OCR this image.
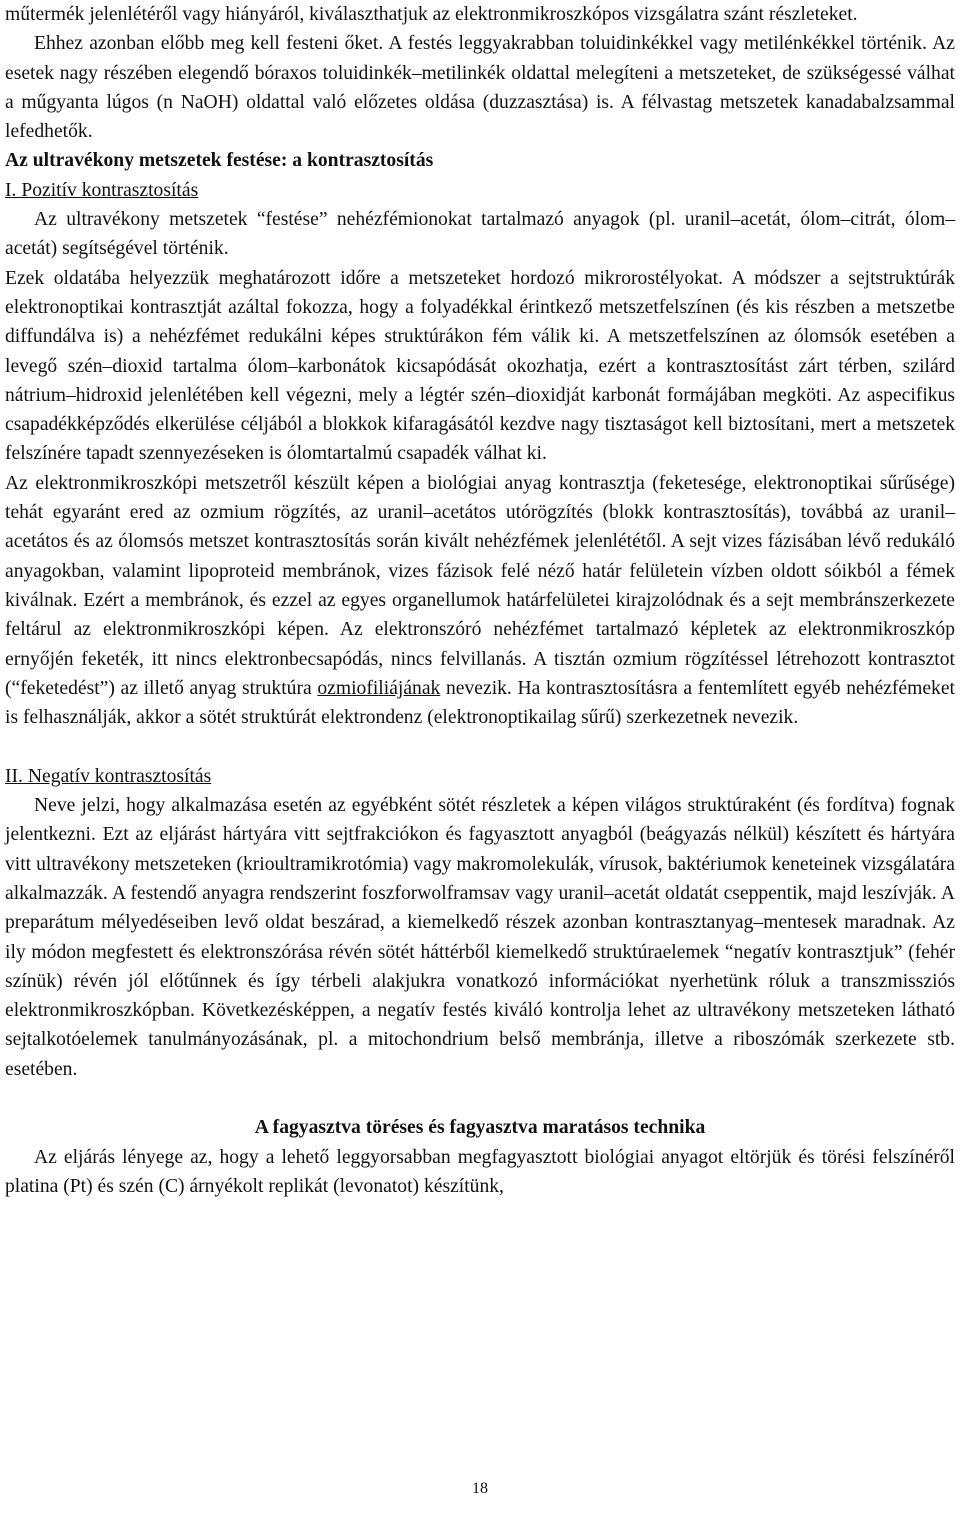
műtermék jelenlétéről vagy hiányáról, kiválaszthatjuk az elektronmikroszkópos vizsgálatra szánt részleteket.

Ehhez azonban előbb meg kell festeni őket. A festés leggyakrabban toluidinkékkel vagy metilénkékkel történik. Az esetek nagy részében elegendő bóraxos toluidinkék–metilinkék oldattal melegíteni a metszeteket, de szükségessé válhat a műgyanta lúgos (n NaOH) oldattal való előzetes oldása (duzzasztása) is. A félvastag metszetek kanadabalzsammal lefedhetők.

Az ultravékony metszetek festése: a kontrasztosítás

I. Pozitív kontrasztosítás

Az ultravékony metszetek “festése” nehézfémionokat tartalmazó anyagok (pl. uranil–acetát, ólom–citrát, ólom–acetát) segítségével történik.

Ezek oldatába helyezzük meghatározott időre a metszeteket hordozó mikrorostélyokat. A módszer a sejtstruktúrák elektronoptikai kontrasztját azáltal fokozza, hogy a folyadékkal érintkező metszetfelszínen (és kis részben a metszetbe diffundálva is) a nehézfémet redukálni képes struktúrákon fém válik ki. A metszetfelszínen az ólomsók esetében a levegő szén–dioxid tartalma ólom–karbonátok kicsapódását okozhatja, ezért a kontrasztosítást zárt térben, szilárd nátrium–hidroxid jelenlétében kell végezni, mely a légtér szén–dioxidját karbonát formájában megköti. Az aspecifikus csapadékképződés elkerülése céljából a blokkok kifaragásától kezdve nagy tisztaságot kell biztosítani, mert a metszetek felszínére tapadt szennyezéseken is ólomtartalmú csapadék válhat ki.

Az elektronmikroszkópi metszetről készült képen a biológiai anyag kontrasztja (feketesége, elektronoptikai sűrűsége) tehát egyaránt ered az ozmium rögzítés, az uranil–acetátos utórögzítés (blokk kontrasztosítás), továbbá az uranil–acetátos és az ólomsós metszet kontrasztosítás során kivált nehézfémek jelenlététől. A sejt vizes fázisában lévő redukáló anyagokban, valamint lipoproteid membránok, vizes fázisok felé néző határ felületein vízben oldott sóikból a fémek kiválnak. Ezért a membránok, és ezzel az egyes organellumok határfelületei kirajzolódnak és a sejt membránszerkezete feltárul az elektronmikroszkópi képen. Az elektronszóró nehézfémet tartalmazó képletek az elektronmikroszkóp ernyőjén feketék, itt nincs elektronbecsapódás, nincs felvillanás. A tisztán ozmium rögzítéssel létrehozott kontrasztot (“feketedést”) az illető anyag struktúra ozmiofiliájának nevezik. Ha kontrasztosításra a fentemlített egyéb nehézfémeket is felhasználják, akkor a sötét struktúrát elektrondenz (elektronoptikailag sűrű) szerkezetnek nevezik.

II. Negatív kontrasztosítás

Neve jelzi, hogy alkalmazása esetén az egyébként sötét részletek a képen világos struktúraként (és fordítva) fognak jelentkezni. Ezt az eljárást hártyára vitt sejtfrakciókon és fagyasztott anyagból (beágyazás nélkül) készített és hártyára vitt ultravékony metszeteken (krioultramikrotómia) vagy makromolekulák, vírusok, baktériumok keneteinek vizsgálatára alkalmazzák. A festendő anyagra rendszerint foszforwolframsav vagy uranil–acetát oldatát cseppentik, majd leszívják. A preparátum mélyedéseiben levő oldat beszárad, a kiemelkedő részek azonban kontrasztanyag–mentesek maradnak. Az ily módon megfestett és elektronszórása révén sötét háttérből kiemelkedő struktúraelemek “negatív kontrasztjuk” (fehér színük) révén jól előtűnnek és így térbeli alakjukra vonatkozó információkat nyerhetünk róluk a transzmissziós elektronmikroszkópban. Következésképpen, a negatív festés kiváló kontrolja lehet az ultravékony metszeteken látható sejtalkotóelemek tanulmányozásának, pl. a mitochondrium belső membránja, illetve a riboszómák szerkezete stb. esetében.

A fagyasztva töréses és fagyasztva maratásos technika

Az eljárás lényege az, hogy a lehető leggyorsabban megfagyasztott biológiai anyagot eltörjük és törési felszínéről platina (Pt) és szén (C) árnyékolt replikát (levonatot) készítünk,

18
